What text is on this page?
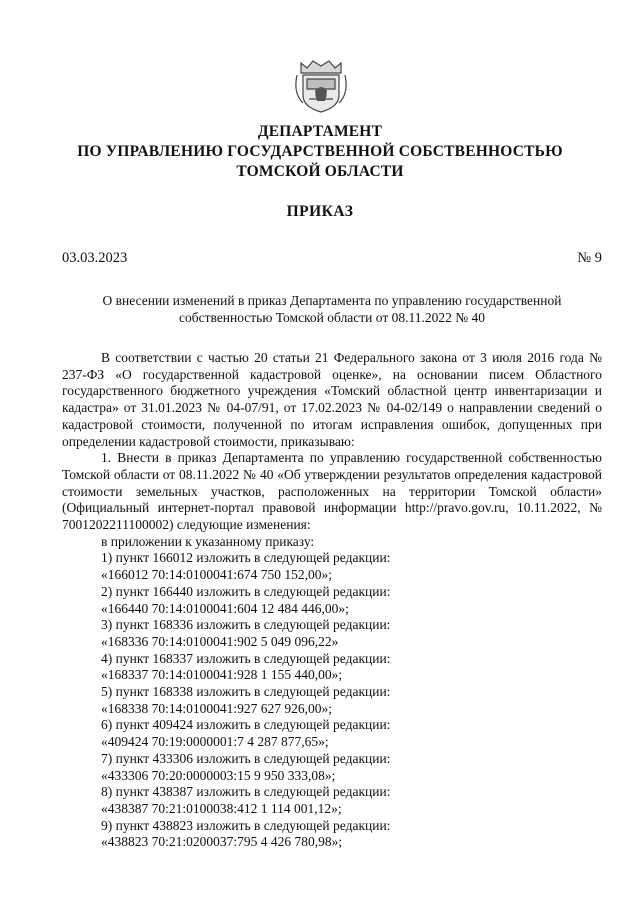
ДЕПАРТАМЕНТ
ПО УПРАВЛЕНИЮ ГОСУДАРСТВЕННОЙ СОБСТВЕННОСТЬЮ
ТОМСКОЙ ОБЛАСТИ
ПРИКАЗ
03.03.2023	№ 9
О внесении изменений в приказ Департамента по управлению государственной
собственностью Томской области от 08.11.2022 № 40

В соответствии с частью 20 статьи 21 Федерального закона от 3 июля 2016 года № 237-ФЗ «О государственной кадастровой оценке», на основании писем Областного государственного бюджетного учреждения «Томский областной центр инвентаризации и кадастра» от 31.01.2023 № 04-07/91, от 17.02.2023 № 04-02/149 о направлении сведений о кадастровой стоимости, полученной по итогам исправления ошибок, допущенных при определении кадастровой стоимости, приказываю:

1. Внести в приказ Департамента по управлению государственной собственностью Томской области от 08.11.2022 № 40 «Об утверждении результатов определения кадастровой стоимости земельных участков, расположенных на территории Томской области» (Официальный интернет-портал правовой информации http://pravo.gov.ru, 10.11.2022, № 7001202211100002) следующие изменения:

в приложении к указанному приказу:
1) пункт 166012 изложить в следующей редакции:
«166012 70:14:0100041:674 750 152,00»;
2) пункт 166440 изложить в следующей редакции:
«166440 70:14:0100041:604 12 484 446,00»;
3) пункт 168336 изложить в следующей редакции:
«168336 70:14:0100041:902 5 049 096,22»
4) пункт 168337 изложить в следующей редакции:
«168337 70:14:0100041:928 1 155 440,00»;
5) пункт 168338 изложить в следующей редакции:
«168338 70:14:0100041:927 627 926,00»;
6) пункт 409424 изложить в следующей редакции:
«409424 70:19:0000001:7 4 287 877,65»;
7) пункт 433306 изложить в следующей редакции:
«433306 70:20:0000003:15 9 950 333,08»;
8) пункт 438387 изложить в следующей редакции:
«438387 70:21:0100038:412 1 114 001,12»;
9) пункт 438823 изложить в следующей редакции:
«438823 70:21:0200037:795 4 426 780,98»;
